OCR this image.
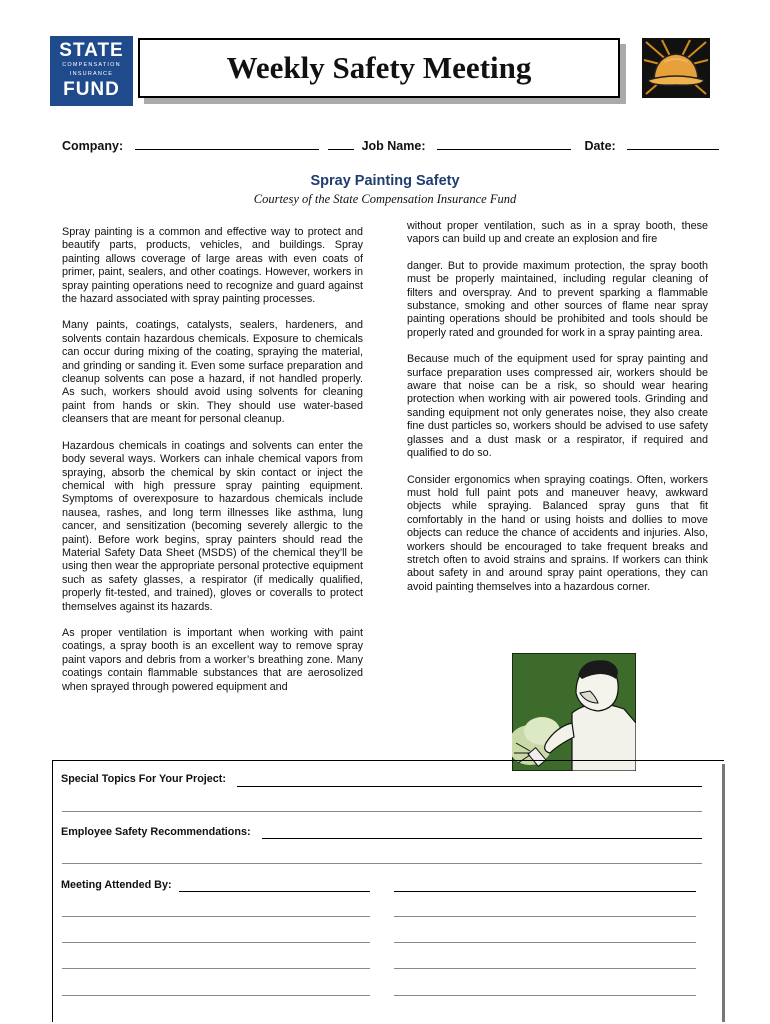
STATE
COMPENSATION
INSURANCE
FUND
Weekly Safety Meeting
Company:	Job Name:	Date:
Spray Painting Safety
Courtesy of the State Compensation Insurance Fund

Spray painting is a common and effective way to protect and beautify parts, products, vehicles, and buildings. Spray painting allows coverage of large areas with even coats of primer, paint, sealers, and other coatings. However, workers in spray painting operations need to recognize and guard against the hazard associated with spray painting processes.

Many paints, coatings, catalysts, sealers, hardeners, and solvents contain hazardous chemicals. Exposure to chemicals can occur during mixing of the coating, spraying the material, and grinding or sanding it. Even some surface preparation and cleanup solvents can pose a hazard, if not handled properly. As such, workers should avoid using solvents for cleaning paint from hands or skin. They should use water-based cleansers that are meant for personal cleanup.

Hazardous chemicals in coatings and solvents can enter the body several ways. Workers can inhale chemical vapors from spraying, absorb the chemical by skin contact or inject the chemical with high pressure spray painting equipment. Symptoms of overexposure to hazardous chemicals include nausea, rashes, and long term illnesses like asthma, lung cancer, and sensitization (becoming severely allergic to the paint). Before work begins, spray painters should read the Material Safety Data Sheet (MSDS) of the chemical they’ll be using then wear the appropriate personal protective equipment such as safety glasses, a respirator (if medically qualified, properly fit-tested, and trained), gloves or coveralls to protect themselves against its hazards.

As proper ventilation is important when working with paint coatings, a spray booth is an excellent way to remove spray paint vapors and debris from a worker’s breathing zone. Many coatings contain flammable substances that are aerosolized when sprayed through powered equipment and

without proper ventilation, such as in a spray booth, these vapors can build up and create an explosion and fire

danger. But to provide maximum protection, the spray booth must be properly maintained, including regular cleaning of filters and overspray. And to prevent sparking a flammable substance, smoking and other sources of flame near spray painting operations should be prohibited and tools should be properly rated and grounded for work in a spray painting area.

Because much of the equipment used for spray painting and surface preparation uses compressed air, workers should be aware that noise can be a risk, so should wear hearing protection when working with air powered tools. Grinding and sanding equipment not only generates noise, they also create fine dust particles so, workers should be advised to use safety glasses and a dust mask or a respirator, if required and qualified to do so.

Consider ergonomics when spraying coatings. Often, workers must hold full paint pots and maneuver heavy, awkward objects while spraying. Balanced spray guns that fit comfortably in the hand or using hoists and dollies to move objects can reduce the chance of accidents and injuries. Also, workers should be encouraged to take frequent breaks and stretch often to avoid strains and sprains. If workers can think about safety in and around spray paint operations, they can avoid painting themselves into a hazardous corner.

Special Topics For Your Project:
Employee Safety Recommendations:
Meeting Attended By:
